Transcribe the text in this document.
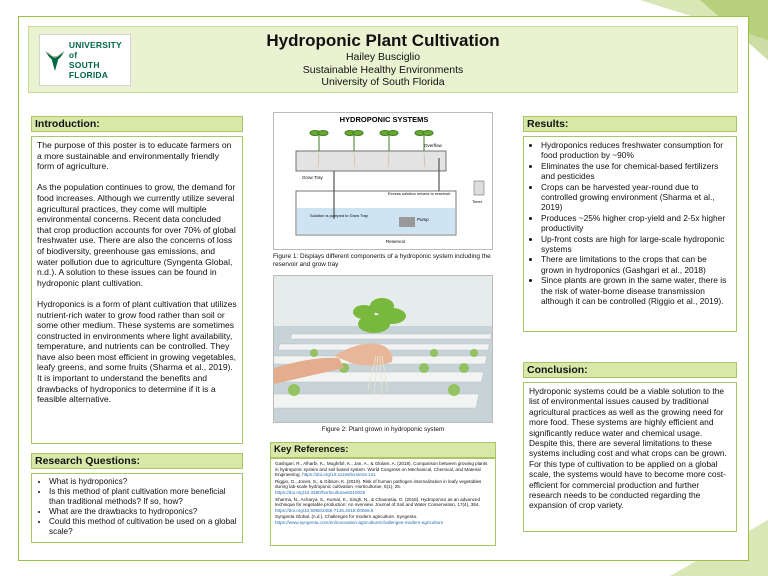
UNIVERSITY of
SOUTH FLORIDA
Hydroponic Plant Cultivation
Hailey Busciglio
Sustainable Healthy Environments
University of South Florida
Introduction:

The purpose of this poster is to educate farmers on a more sustainable and environmentally friendly form of agriculture.

As the population continues to grow, the demand for food increases. Although we currently utilize several agricultural practices, they come will multiple environmental concerns. Recent data concluded that crop production accounts for over 70% of global freshwater use. There are also the concerns of loss of biodiversity, greenhouse gas emissions, and water pollution due to agriculture (Syngenta Global, n.d.). A solution to these issues can be found in hydroponic plant cultivation.

Hydroponics is a form of plant cultivation that utilizes nutrient-rich water to grow food rather than soil or some other medium. These systems are sometimes constructed in environments where light availability, temperature, and nutrients can be controlled. They have also been most efficient in growing vegetables, leafy greens, and some fruits (Sharma et al., 2019). It is important to understand the benefits and drawbacks of hydroponics to determine if it is a feasible alternative.

Research Questions:
• What is hydroponics?
• Is this method of plant cultivation more beneficial than traditional methods? If so, how?
• What are the drawbacks to hydroponics?
• Could this method of cultivation be used on a global scale?
HYDROPONIC SYSTEMS
Grow Tray
Overflow
Reservoir
Pump
Excess solution returns to reservoir
Solution is pumped to Grow Tray
Timer
Figure 1: Displays different components of a hydroponic system including the reservoir and grow tray
Figure 2: Plant grown in hydroponic system
Key References:
Gashgari, R., Alharbi, K., Mughrbil, K., Jan, A., & Glolam, A. (2018). Comparison between growing plants in hydroponic system and soil based system. World Congress on Mechanical, Chemical, and Material Engineering. https://doi.org/10.11159/icmie18.131
Riggio, G., Jones, S., & Gibson, K. (2019). Risk of human pathogen internalization in leafy vegetables during lab-scale hydroponic cultivation. Horticulturae, 5(1), 25. https://doi.org/10.3390/horticulturae5010025
Sharma, N., Acharya, S., Kumar, K., Singh, N., & Chaurasia, O. (2018). Hydroponics as an advanced technique for vegetable production: An overview. Journal of Soil and Water Conservation, 17(4), 364. https://doi.org/10.5958/2455-7145.2018.00056.5
Syngenta Global. (n.d.). Challenges for modern agriculture. Syngenta. https://www.syngenta.com/en/innovation-agriculture/challenges-modern-agriculture
Results:
• Hydroponics reduces freshwater consumption for food production by ~90%
• Eliminates the use for chemical-based fertilizers and pesticides
• Crops can be harvested year-round due to controlled growing environment (Sharma et al., 2019)
• Produces ~25% higher crop-yield and 2-5x higher productivity
• Up-front costs are high for large-scale hydroponic systems
• There are limitations to the crops that can be grown in hydroponics (Gashgari et al., 2018)
• Since plants are grown in the same water, there is the risk of water-borne disease transmission although it can be controlled (Riggio et al., 2019).
Conclusion:

Hydroponic systems could be a viable solution to the list of environmental issues caused by traditional agricultural practices as well as the growing need for more food. These systems are highly efficient and significantly reduce water and chemical usage. Despite this, there are several limitations to these systems including cost and what crops can be grown. For this type of cultivation to be applied on a global scale, the systems would have to become more cost-efficient for commercial production and further research needs to be conducted regarding the expansion of crop variety.
